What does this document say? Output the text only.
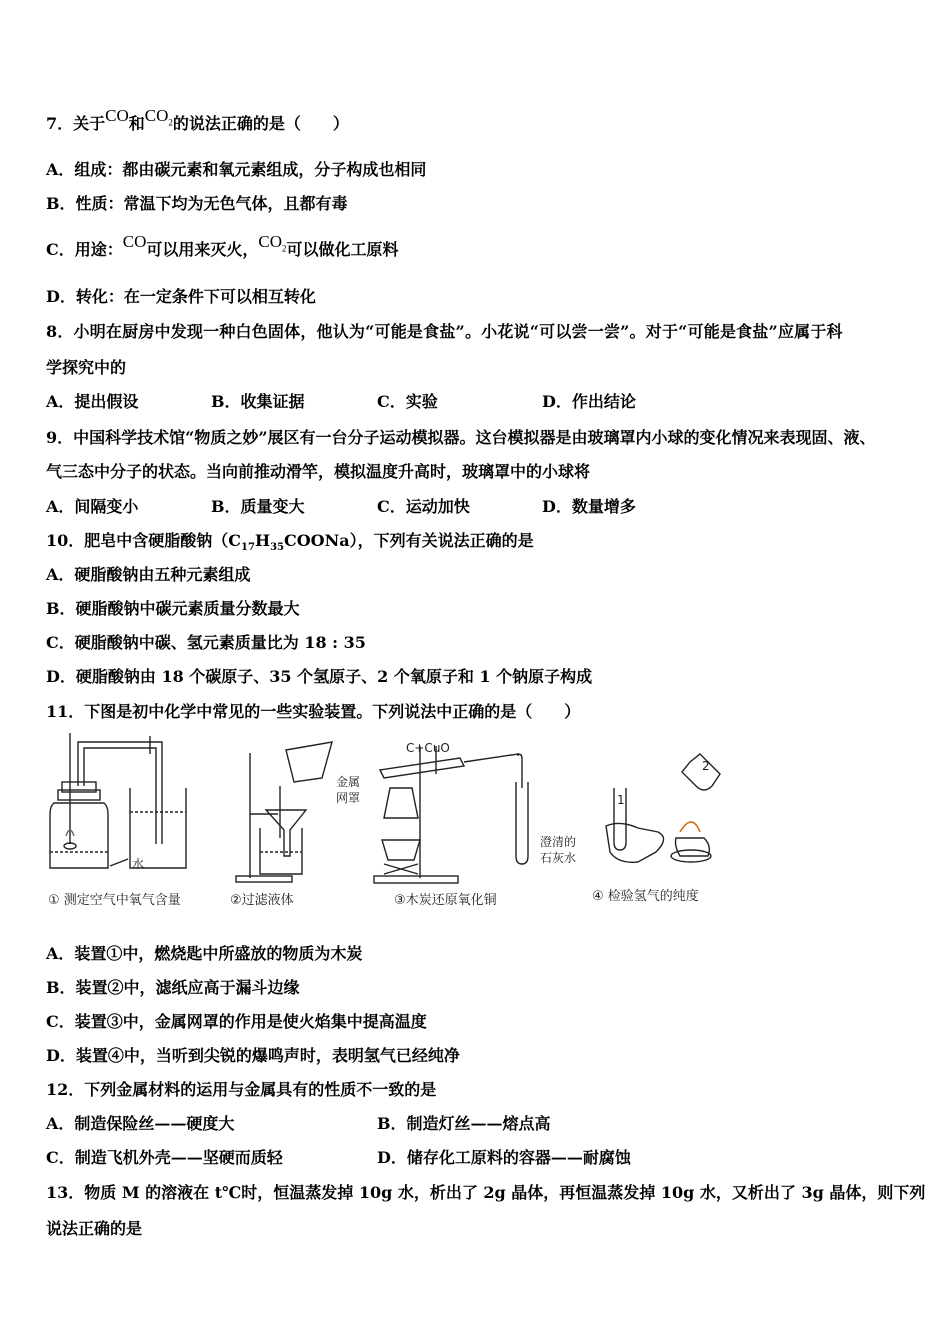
7．关于CO和$CO_2$的说法正确的是（　　）
A．组成：都由碳元素和氧元素组成，分子构成也相同
B．性质：常温下均为无色气体，且都有毒
C．用途：CO可以用来灭火，$CO_2$可以做化工原料
D．转化：在一定条件下可以相互转化
8．小明在厨房中发现一种白色固体，他认为“可能是食盐”。小花说“可以尝一尝”。对于“可能是食盐”应属于科
学探究中的
A．提出假设	B．收集证据	C．实验	D．作出结论
9．中国科学技术馆“物质之妙”展区有一台分子运动模拟器。这台模拟器是由玻璃罩内小球的变化情况来表现固、液、
气三态中分子的状态。当向前推动滑竿，模拟温度升高时，玻璃罩中的小球将
A．间隔变小	B．质量变大	C．运动加快	D．数量增多
10．肥皂中含硬脂酸钠$(C_{17}H_{35}COONa)$，下列有关说法正确的是
A．硬脂酸钠由五种元素组成
B．硬脂酸钠中碳元素质量分数最大
C．硬脂酸钠中碳、氢元素质量比为 18 : 35
D．硬脂酸钠由 18 个碳原子、35 个氢原子、2 个氧原子和 1 个钠原子构成
11．下图是初中化学中常见的一些实验装置。下列说法中正确的是（　　）
水
C+CuO
金属
网罩
澄清的
石灰水
1
2
① 测定空气中氧气含量	②过滤液体	③木炭还原氧化铜	④ 检验氢气的纯度
A．装置①中，燃烧匙中所盛放的物质为木炭
B．装置②中，滤纸应高于漏斗边缘
C．装置③中，金属网罩的作用是使火焰集中提高温度
D．装置④中，当听到尖锐的爆鸣声时，表明氢气已经纯净
12．下列金属材料的运用与金属具有的性质不一致的是
A．制造保险丝——硬度大	B．制造灯丝——熔点高
C．制造飞机外壳——坚硬而质轻	D．储存化工原料的容器——耐腐蚀
13．物质 M 的溶液在 t℃时，恒温蒸发掉 10g 水，析出了 2g 晶体，再恒温蒸发掉 10g 水，又析出了 3g 晶体，则下列
说法正确的是
